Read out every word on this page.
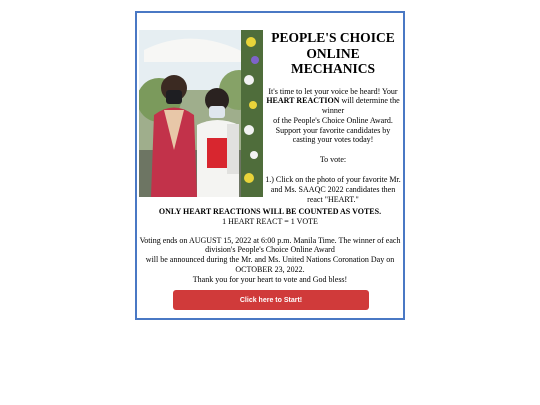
PEOPLE'S CHOICE ONLINE MECHANICS
It's time to let your voice be heard! Your
HEART REACTION will determine the winner
of the People's Choice Online Award.
Support your favorite candidates by
casting your votes today!
To vote:
1.) Click on the photo of your favorite Mr. and Ms. SAAQC 2022 candidates then react "HEART."
ONLY HEART REACTIONS WILL BE COUNTED AS VOTES.
1 HEART REACT = 1 VOTE
Voting ends on AUGUST 15, 2022 at 6:00 p.m. Manila Time. The winner of each division's People's Choice Online Award
will be announced during the Mr. and Ms. United Nations Coronation Day on OCTOBER 23, 2022.
Thank you for your heart to vote and God bless!
Click here to Start!
